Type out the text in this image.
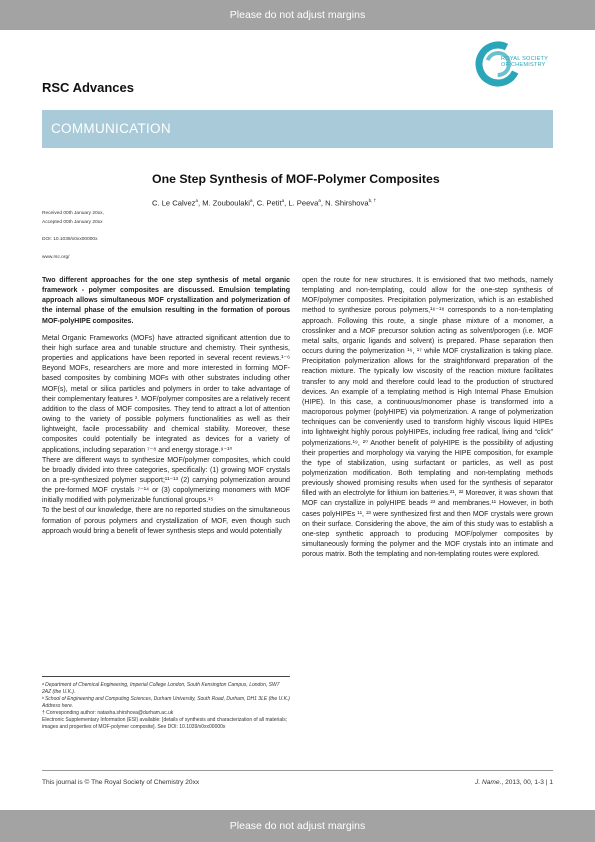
Please do not adjust margins
RSC Advances
ROYAL SOCIETY
OF CHEMISTRY
COMMUNICATION
One Step Synthesis of MOF-Polymer Composites
C. Le Calvez$^a$, M. Zouboulaki$^a$, C. Petit$^a$, L. Peeva$^a$, N. Shirshova$^{b, \dagger}$
Received 00th January 20xx,
Accepted 00th January 20xx
DOI: 10.1039/x0xx00000x
www.rsc.org/

Two different approaches for the one step synthesis of metal organic framework - polymer composites are discussed. Emulsion templating approach allows simultaneous MOF crystallization and polymerization of the internal phase of the emulsion resulting in the formation of porous MOF-polyHIPE composites.

Metal Organic Frameworks (MOFs) have attracted significant attention due to their high surface area and tunable structure and chemistry. Their synthesis, properties and applications have been reported in several recent reviews.¹⁻⁶ Beyond MOFs, researchers are more and more interested in forming MOF-based composites by combining MOFs with other substrates including other MOF(s), metal or silica particles and polymers in order to take advantage of their complementary features ³. MOF/polymer composites are a relatively recent addition to the class of MOF composites. They tend to attract a lot of attention owing to the variety of possible polymers functionalities as well as their lightweight, facile processability and chemical stability. Moreover, these composites could potentially be integrated as devices for a variety of applications, including separation ⁷⁻⁸ and energy storage.⁹⁻¹⁰

There are different ways to synthesize MOF/polymer composites, which could be broadly divided into three categories, specifically: (1) growing MOF crystals on a pre-synthesized polymer support;¹¹⁻¹³ (2) carrying polymerization around the pre-formed MOF crystals ⁷⁻¹⁴ or (3) copolymerizing monomers with MOF initially modified with polymerizable functional groups.¹⁵

To the best of our knowledge, there are no reported studies on the simultaneous formation of porous polymers and crystallization of MOF, even though such approach would bring a benefit of fewer synthesis steps and would potentially

open the route for new structures. It is envisioned that two methods, namely templating and non-templating, could allow for the one-step synthesis of MOF/polymer composites. Precipitation polymerization, which is an established method to synthesize porous polymers,¹⁶⁻¹⁸ corresponds to a non-templating approach. Following this route, a single phase mixture of a monomer, a crosslinker and a MOF precursor solution acting as solvent/porogen (i.e. MOF metal salts, organic ligands and solvent) is prepared. Phase separation then occurs during the polymerization ¹⁶, ¹⁷ while MOF crystallization is taking place. Precipitation polymerization allows for the straightforward preparation of the reaction mixture. The typically low viscosity of the reaction mixture facilitates transfer to any mold and therefore could lead to the production of structured devices. An example of a templating method is High Internal Phase Emulsion (HIPE). In this case, a continuous/monomer phase is transformed into a macroporous polymer (polyHIPE) via polymerization. A range of polymerization techniques can be conveniently used to transform highly viscous liquid HIPEs into lightweight highly porous polyHIPEs, including free radical, living and “click” polymerizations.¹⁹, ²⁰ Another benefit of polyHIPE is the possibility of adjusting their properties and morphology via varying the HIPE composition, for example the type of stabilization, using surfactant or particles, as well as post polymerization modification. Both templating and non-templating methods previously showed promising results when used for the synthesis of separator filled with an electrolyte for lithium ion batteries.²¹, ²² Moreover, it was shown that MOF can crystallize in polyHIPE beads ²³ and membranes.¹¹ However, in both cases polyHIPEs ¹¹, ²³ were synthesized first and then MOF crystals were grown on their surface. Considering the above, the aim of this study was to establish a one-step synthetic approach to producing MOF/polymer composites by simultaneously forming the polymer and the MOF crystals into an intimate and porous matrix. Both the templating and non-templating routes were explored.

ᵃ Department of Chemical Engineering, Imperial College London, South Kensington Campus, London, SW7 2AZ (the U.K.).
ᵇ School of Engineering and Computing Sciences, Durham University, South Road, Durham, DH1 3LE (the U.K.) Address here.
† Corresponding author: natasha.shirshova@durham.ac.uk
Electronic Supplementary Information (ESI) available: [details of synthesis and characterization of all materials; images and properties of MOF-polymer composite]. See DOI: 10.1039/x0xx00000x
This journal is © The Royal Society of Chemistry 20xx	J. Name., 2013, 00, 1-3 | 1
Please do not adjust margins
